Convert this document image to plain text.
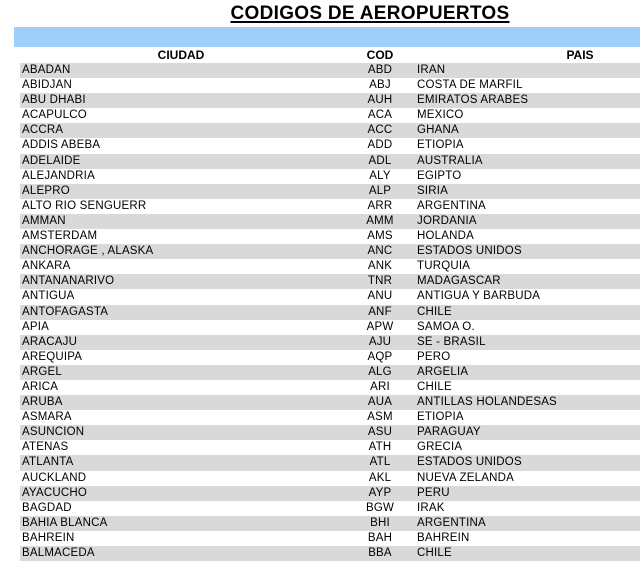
CODIGOS DE AEROPUERTOS
CIUDAD	COD	PAIS
ABADAN	ABD	IRAN
ABIDJAN	ABJ	COSTA DE MARFIL
ABU DHABI	AUH	EMIRATOS ARABES
ACAPULCO	ACA	MEXICO
ACCRA	ACC	GHANA
ADDIS ABEBA	ADD	ETIOPIA
ADELAIDE	ADL	AUSTRALIA
ALEJANDRIA	ALY	EGIPTO
ALEPRO	ALP	SIRIA
ALTO RIO SENGUERR	ARR	ARGENTINA
AMMAN	AMM	JORDANIA
AMSTERDAM	AMS	HOLANDA
ANCHORAGE , ALASKA	ANC	ESTADOS UNIDOS
ANKARA	ANK	TURQUIA
ANTANANARIVO	TNR	MADAGASCAR
ANTIGUA	ANU	ANTIGUA Y BARBUDA
ANTOFAGASTA	ANF	CHILE
APIA	APW	SAMOA O.
ARACAJU	AJU	SE - BRASIL
AREQUIPA	AQP	PERO
ARGEL	ALG	ARGELIA
ARICA	ARI	CHILE
ARUBA	AUA	ANTILLAS HOLANDESAS
ASMARA	ASM	ETIOPIA
ASUNCION	ASU	PARAGUAY
ATENAS	ATH	GRECIA
ATLANTA	ATL	ESTADOS UNIDOS
AUCKLAND	AKL	NUEVA ZELANDA
AYACUCHO	AYP	PERU
BAGDAD	BGW	IRAK
BAHIA BLANCA	BHI	ARGENTINA
BAHREIN	BAH	BAHREIN
BALMACEDA	BBA	CHILE
